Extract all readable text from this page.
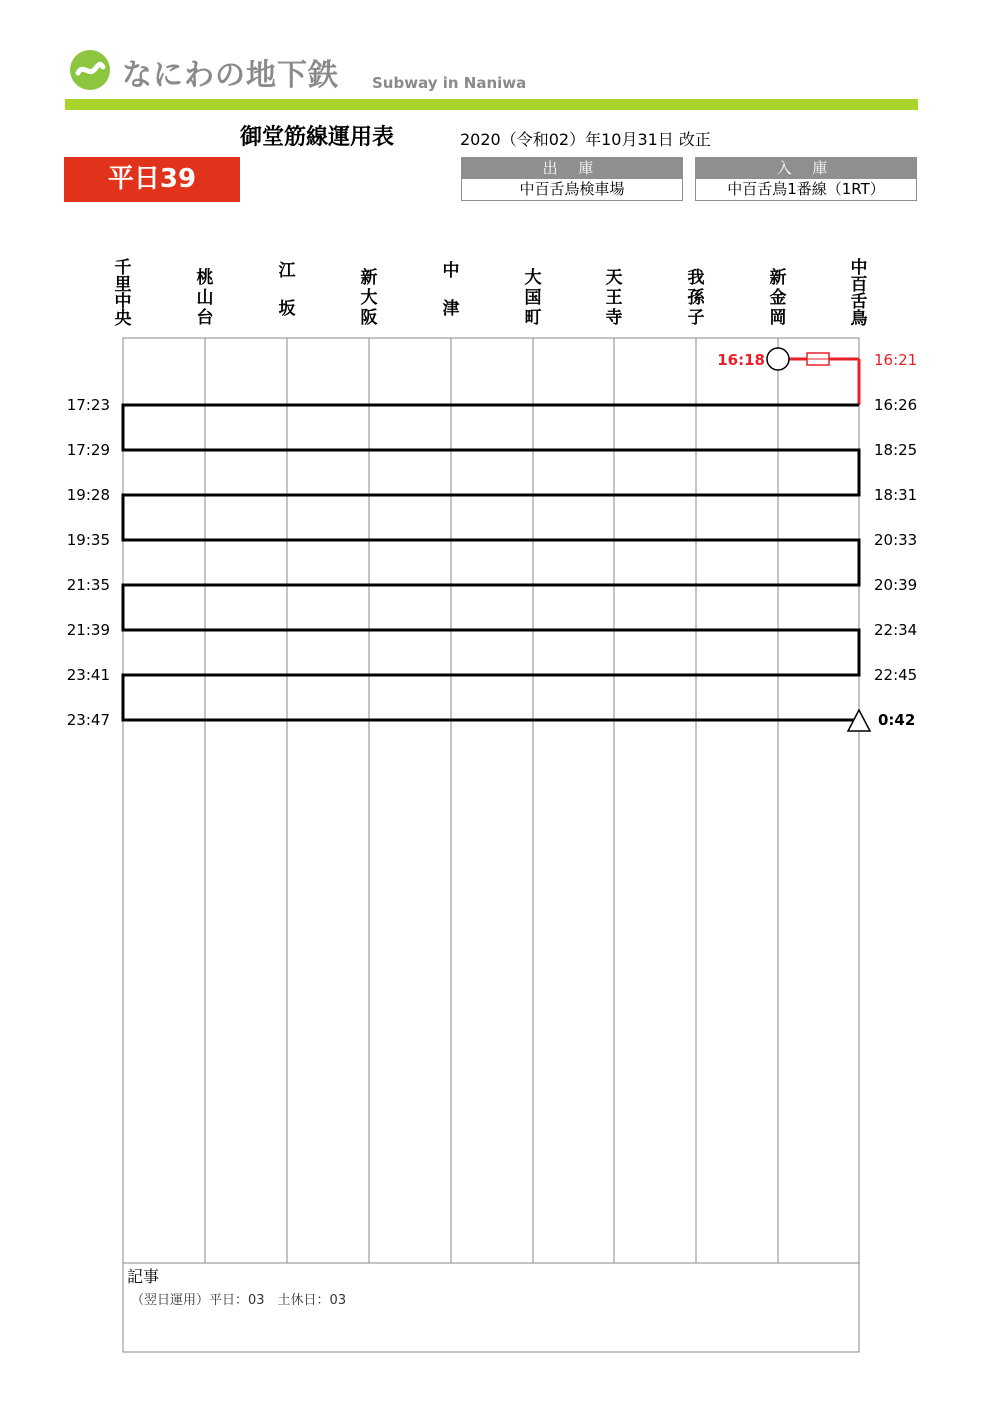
なにわの地下鉄 Subway in Naniwa
御堂筋線運用表	2020（令和02）年10月31日 改正
平日39	出 庫
中百舌鳥検車場
入 庫
中百舌鳥1番線（1RT）
千里中央
桃山台
江坂
新大阪
中津
大国町
天王寺
我孫子
新金岡
中百舌鳥
16:18	16:21
17:23
17:29
19:28
19:35
21:35
21:39
23:41
23:47
16:26
18:25
18:31
20:33
20:39
22:34
22:45
0:42
記事
（翌日運用）平日：03　土休日：03
